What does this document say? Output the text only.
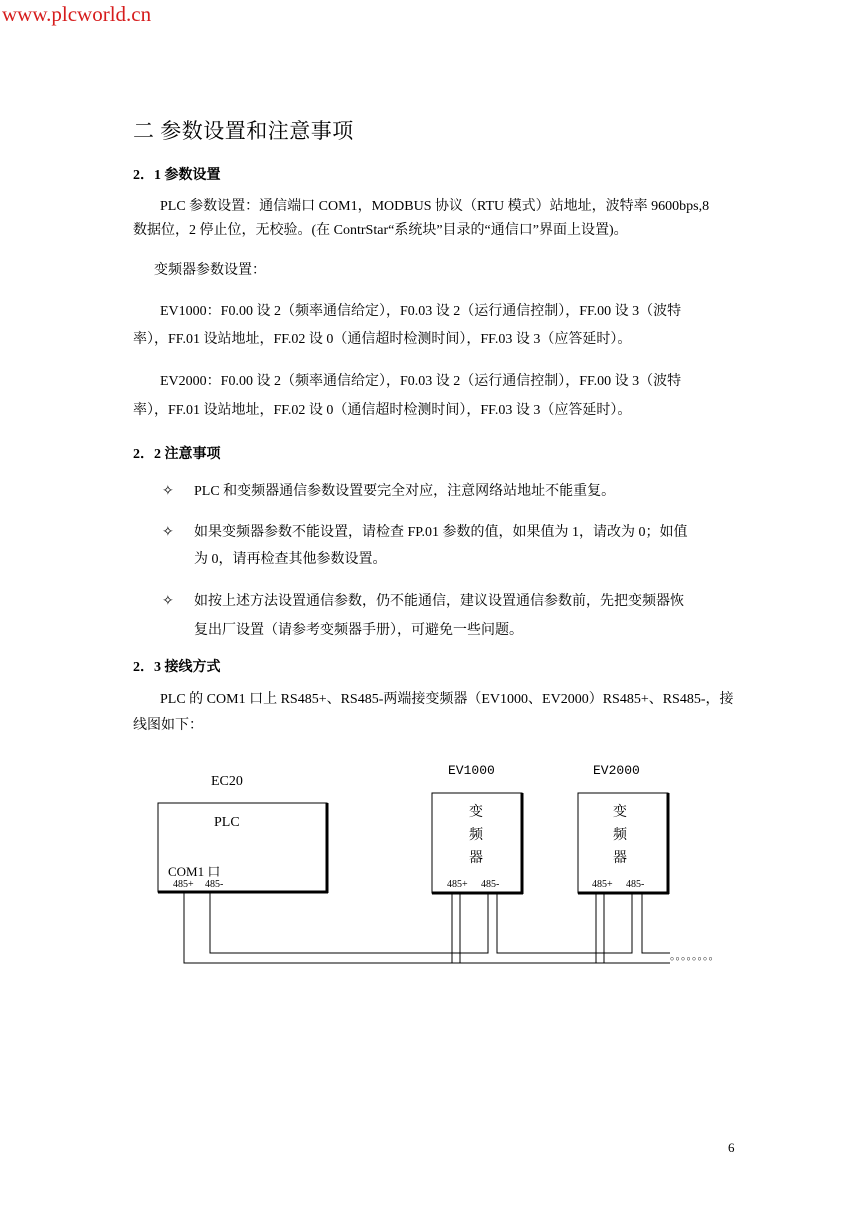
www.plcworld.cn
二 参数设置和注意事项
2．1 参数设置
PLC 参数设置：通信端口 COM1，MODBUS 协议（RTU 模式）站地址，波特率 9600bps,8
数据位，2 停止位，无校验。(在 ContrStar“系统块”目录的“通信口”界面上设置)。
变频器参数设置：
EV1000：F0.00 设 2（频率通信给定），F0.03 设 2（运行通信控制），FF.00 设 3（波特
率），FF.01 设站地址，FF.02 设 0（通信超时检测时间），FF.03 设 3（应答延时）。
EV2000：F0.00 设 2（频率通信给定），F0.03 设 2（运行通信控制），FF.00 设 3（波特
率），FF.01 设站地址，FF.02 设 0（通信超时检测时间），FF.03 设 3（应答延时）。
2．2 注意事项
✧ PLC 和变频器通信参数设置要完全对应，注意网络站地址不能重复。
✧ 如果变频器参数不能设置，请检查 FP.01 参数的值，如果值为 1，请改为 0；如值
为 0，请再检查其他参数设置。
✧ 如按上述方法设置通信参数，仍不能通信，建议设置通信参数前，先把变频器恢
复出厂设置（请参考变频器手册），可避免一些问题。
2．3 接线方式
PLC 的 COM1 口上 RS485+、RS485-两端接变频器（EV1000、EV2000）RS485+、RS485-，接
线图如下：
EC20
PLC
COM1 口
485+ 485-
EV1000
变
频
器
485+ 485-
EV2000
变
频
器
485+ 485-
。。。。。。。。
6
